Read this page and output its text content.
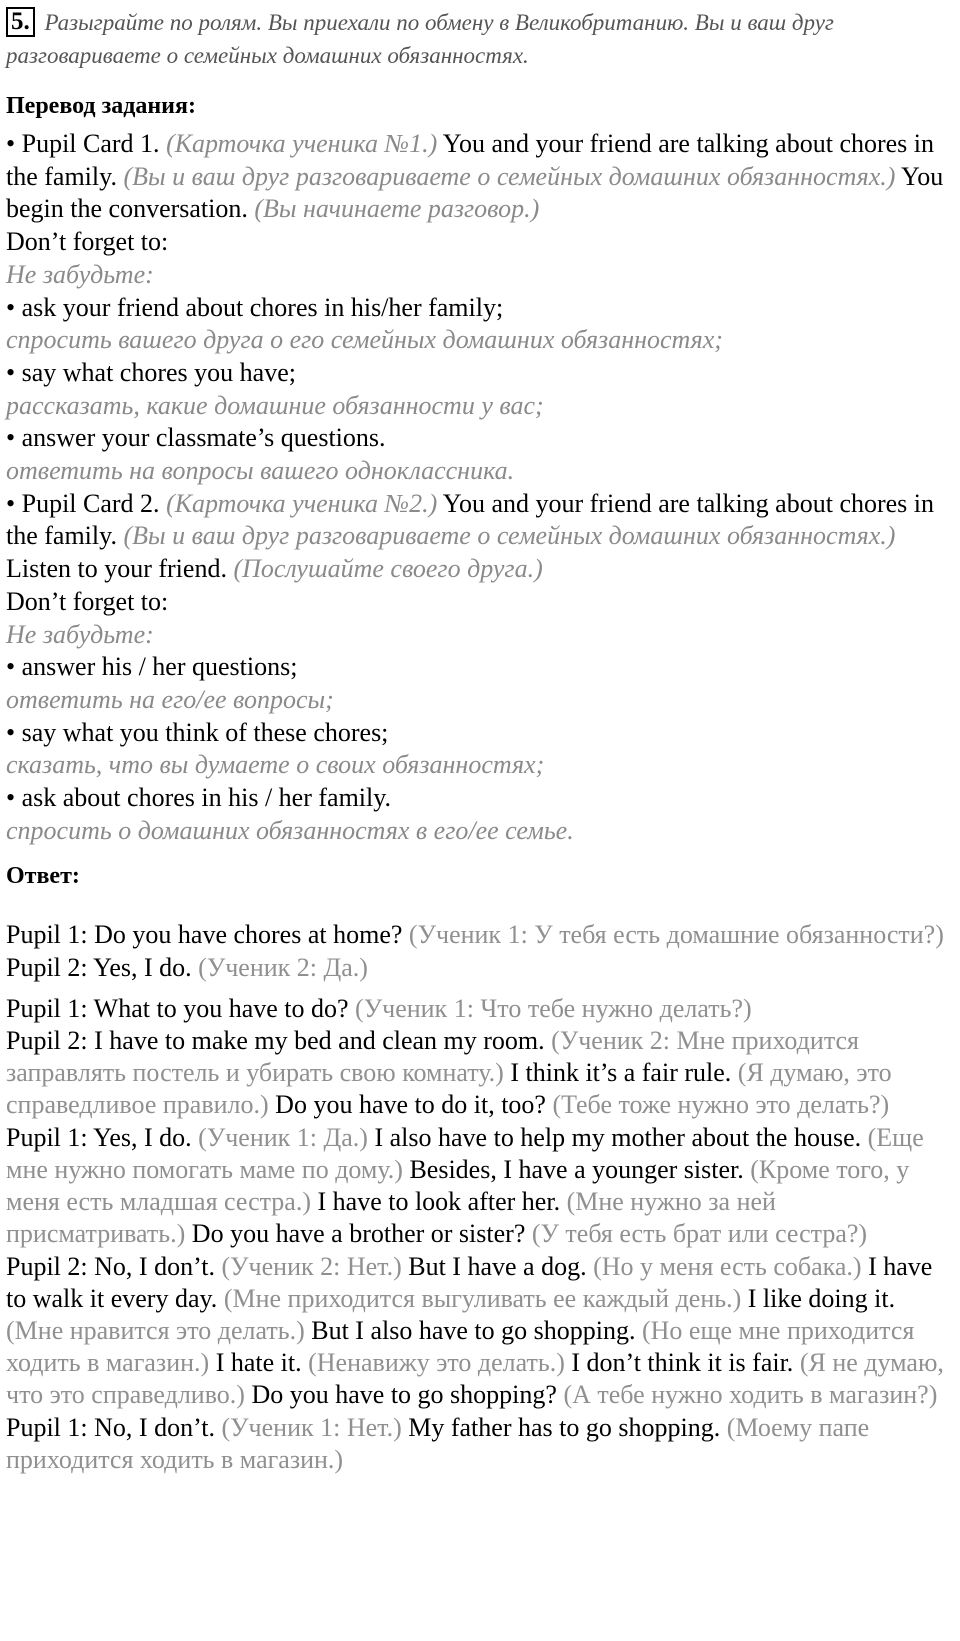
5. Разыграйте по ролям. Вы приехали по обмену в Великобританию. Вы и ваш друг разговариваете о семейных домашних обязанностях.
Перевод задания:
• Pupil Card 1. (Карточка ученика №1.) You and your friend are talking about chores in the family. (Вы и ваш друг разговариваете о семейных домашних обязанностях.) You begin the conversation. (Вы начинаете разговор.)
Don’t forget to:
Не забудьте:
• ask your friend about chores in his/her family;
спросить вашего друга о его семейных домашних обязанностях;
• say what chores you have;
рассказать, какие домашние обязанности у вас;
• answer your classmate’s questions.
ответить на вопросы вашего одноклассника.
• Pupil Card 2. (Карточка ученика №2.) You and your friend are talking about chores in the family. (Вы и ваш друг разговариваете о семейных домашних обязанностях.) Listen to your friend. (Послушайте своего друга.)
Don’t forget to:
Не забудьте:
• answer his / her questions;
ответить на его/ее вопросы;
• say what you think of these chores;
сказать, что вы думаете о своих обязанностях;
• ask about chores in his / her family.
спросить о домашних обязанностях в его/ее семье.
Ответ:
Pupil 1: Do you have chores at home? (Ученик 1: У тебя есть домашние обязанности?)
Pupil 2: Yes, I do. (Ученик 2: Да.)
Pupil 1: What to you have to do? (Ученик 1: Что тебе нужно делать?)
Pupil 2: I have to make my bed and clean my room. (Ученик 2: Мне приходится заправлять постель и убирать свою комнату.) I think it’s a fair rule. (Я думаю, это справедливое правило.) Do you have to do it, too? (Тебе тоже нужно это делать?)
Pupil 1: Yes, I do. (Ученик 1: Да.) I also have to help my mother about the house. (Еще мне нужно помогать маме по дому.) Besides, I have a younger sister. (Кроме того, у меня есть младшая сестра.) I have to look after her. (Мне нужно за ней присматривать.) Do you have a brother or sister? (У тебя есть брат или сестра?)
Pupil 2: No, I don’t. (Ученик 2: Нет.) But I have a dog. (Но у меня есть собака.) I have to walk it every day. (Мне приходится выгуливать ее каждый день.) I like doing it. (Мне нравится это делать.) But I also have to go shopping. (Но еще мне приходится ходить в магазин.) I hate it. (Ненавижу это делать.) I don’t think it is fair. (Я не думаю, что это справедливо.) Do you have to go shopping? (А тебе нужно ходить в магазин?)
Pupil 1: No, I don’t. (Ученик 1: Нет.) My father has to go shopping. (Моему папе приходится ходить в магазин.)
